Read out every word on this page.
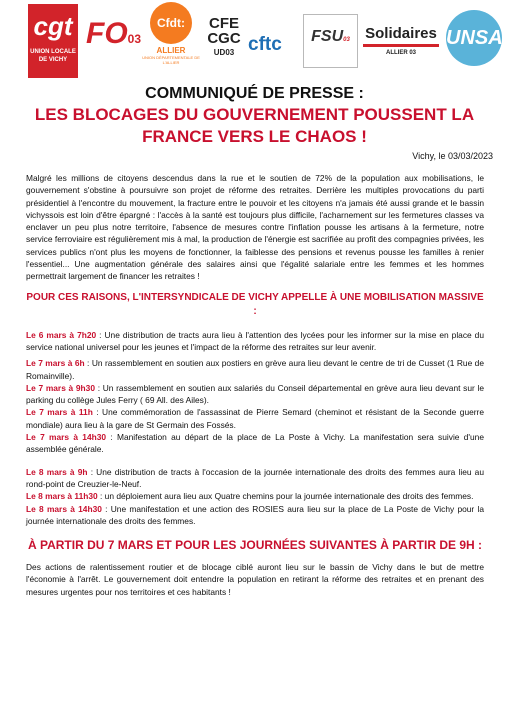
cgt
UNION LOCALE
DE VICHY
FO03
Cfdt:
ALLIER
UNION DÉPARTEMENTALE DE L'ALLIER
CFE
CGC
UD03 cftc	FSU03	Solidaires
ALLIER 03
UNSA
COMMUNIQUÉ DE PRESSE :
LES BLOCAGES DU GOUVERNEMENT POUSSENT LA
FRANCE VERS LE CHAOS !
Vichy, le 03/03/2023

Malgré les millions de citoyens descendus dans la rue et le soutien de 72% de la population aux mobilisations, le gouvernement s'obstine à poursuivre son projet de réforme des retraites. Derrière les multiples provocations du parti présidentiel à l'encontre du mouvement, la fracture entre le pouvoir et les citoyens n'a jamais été aussi grande et le bassin vichyssois est loin d'être épargné : l'accès à la santé est toujours plus difficile, l'acharnement sur les fermetures classes va enclaver un peu plus notre territoire, l'absence de mesures contre l'inflation pousse les artisans à la fermeture, notre service ferroviaire est régulièrement mis à mal, la production de l'énergie est sacrifiée au profit des compagnies privées, les services publics n'ont plus les moyens de fonctionner, la faiblesse des pensions et revenus pousse les familles à renier l'essentiel... Une augmentation générale des salaires ainsi que l'égalité salariale entre les femmes et les hommes permettrait largement de financer les retraites !

POUR CES RAISONS, L'INTERSYNDICALE DE VICHY APPELLE À UNE MOBILISATION MASSIVE :

Le 6 mars à 7h20 : Une distribution de tracts aura lieu à l'attention des lycées pour les informer sur la mise en place du service national universel pour les jeunes et l'impact de la réforme des retraites sur leur avenir.

Le 7 mars à 6h : Un rassemblement en soutien aux postiers en grève aura lieu devant le centre de tri de Cusset (1 Rue de Romainville).

Le 7 mars à 9h30 : Un rassemblement en soutien aux salariés du Conseil départemental en grève aura lieu devant sur le parking du collège Jules Ferry ( 69 All. des Ailes).

Le 7 mars à 11h : Une commémoration de l'assassinat de Pierre Semard (cheminot et résistant de la Seconde guerre mondiale) aura lieu à la gare de St Germain des Fossés.

Le 7 mars à 14h30 : Manifestation au départ de la place de La Poste à Vichy. La manifestation sera suivie d'une assemblée générale.

Le 8 mars à 9h : Une distribution de tracts à l'occasion de la journée internationale des droits des femmes aura lieu au rond-point de Creuzier-le-Neuf.

Le 8 mars à 11h30 : un déploiement aura lieu aux Quatre chemins pour la journée internationale des droits des femmes.

Le 8 mars à 14h30 : Une manifestation et une action des ROSIES aura lieu sur la place de La Poste de Vichy pour la journée internationale des droits des femmes.

À PARTIR DU 7 MARS ET POUR LES JOURNÉES SUIVANTES À PARTIR DE 9H :

Des actions de ralentissement routier et de blocage ciblé auront lieu sur le bassin de Vichy dans le but de mettre l'économie à l'arrêt. Le gouvernement doit entendre la population en retirant la réforme des retraites et en prenant des mesures urgentes pour nos territoires et ces habitants !
